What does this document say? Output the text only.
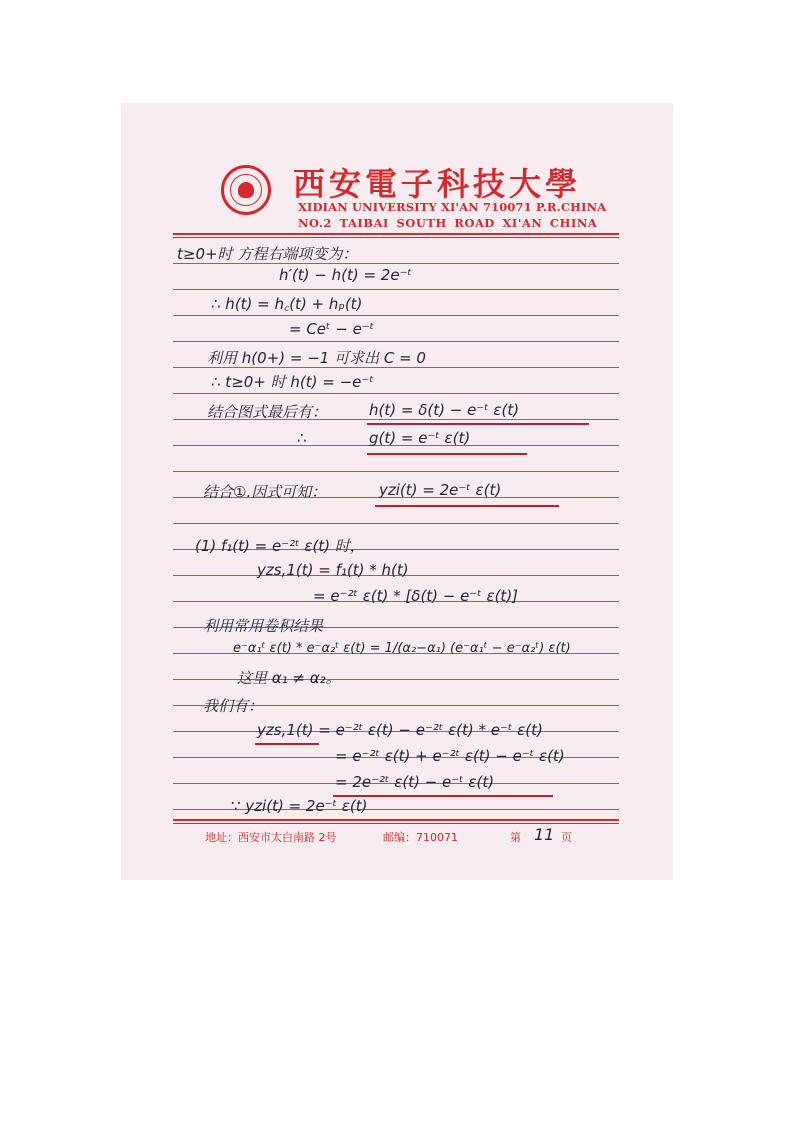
西安電子科技大學
XIDIAN UNIVERSITY XI'AN 710071 P.R.CHINA
NO.2 TAIBAI SOUTH ROAD XI'AN CHINA
t≥0+时 方程右端项变为：
h′(t) − h(t) = 2e⁻ᵗ
∴ h(t) = h꜀(t) + hₚ(t)
= Ceᵗ − e⁻ᵗ
利用 h(0+) = −1 可求出 C = 0
∴ t≥0+ 时 h(t) = −e⁻ᵗ
结合图式最后有：	h(t) = δ(t) − e⁻ᵗ ε(t)
∴	g(t) = e⁻ᵗ ε(t)
结合①.因式可知：	yzi(t) = 2e⁻ᵗ ε(t)
(1) f₁(t) = e⁻²ᵗ ε(t) 时，
yzs,1(t) = f₁(t) * h(t)
= e⁻²ᵗ ε(t) * [δ(t) − e⁻ᵗ ε(t)]
利用常用卷积结果
e⁻α₁ᵗ ε(t) * e⁻α₂ᵗ ε(t) = 1/(α₂−α₁) (e⁻α₁ᵗ − e⁻α₂ᵗ) ε(t)
这里 α₁ ≠ α₂。
我们有：
yzs,1(t) = e⁻²ᵗ ε(t) − e⁻²ᵗ ε(t) * e⁻ᵗ ε(t)
= e⁻²ᵗ ε(t) + e⁻²ᵗ ε(t) − e⁻ᵗ ε(t)
= 2e⁻²ᵗ ε(t) − e⁻ᵗ ε(t)
∵ yzi(t) = 2e⁻ᵗ ε(t)
地址：西安市太白南路 2号	邮编：710071	第 11 页
